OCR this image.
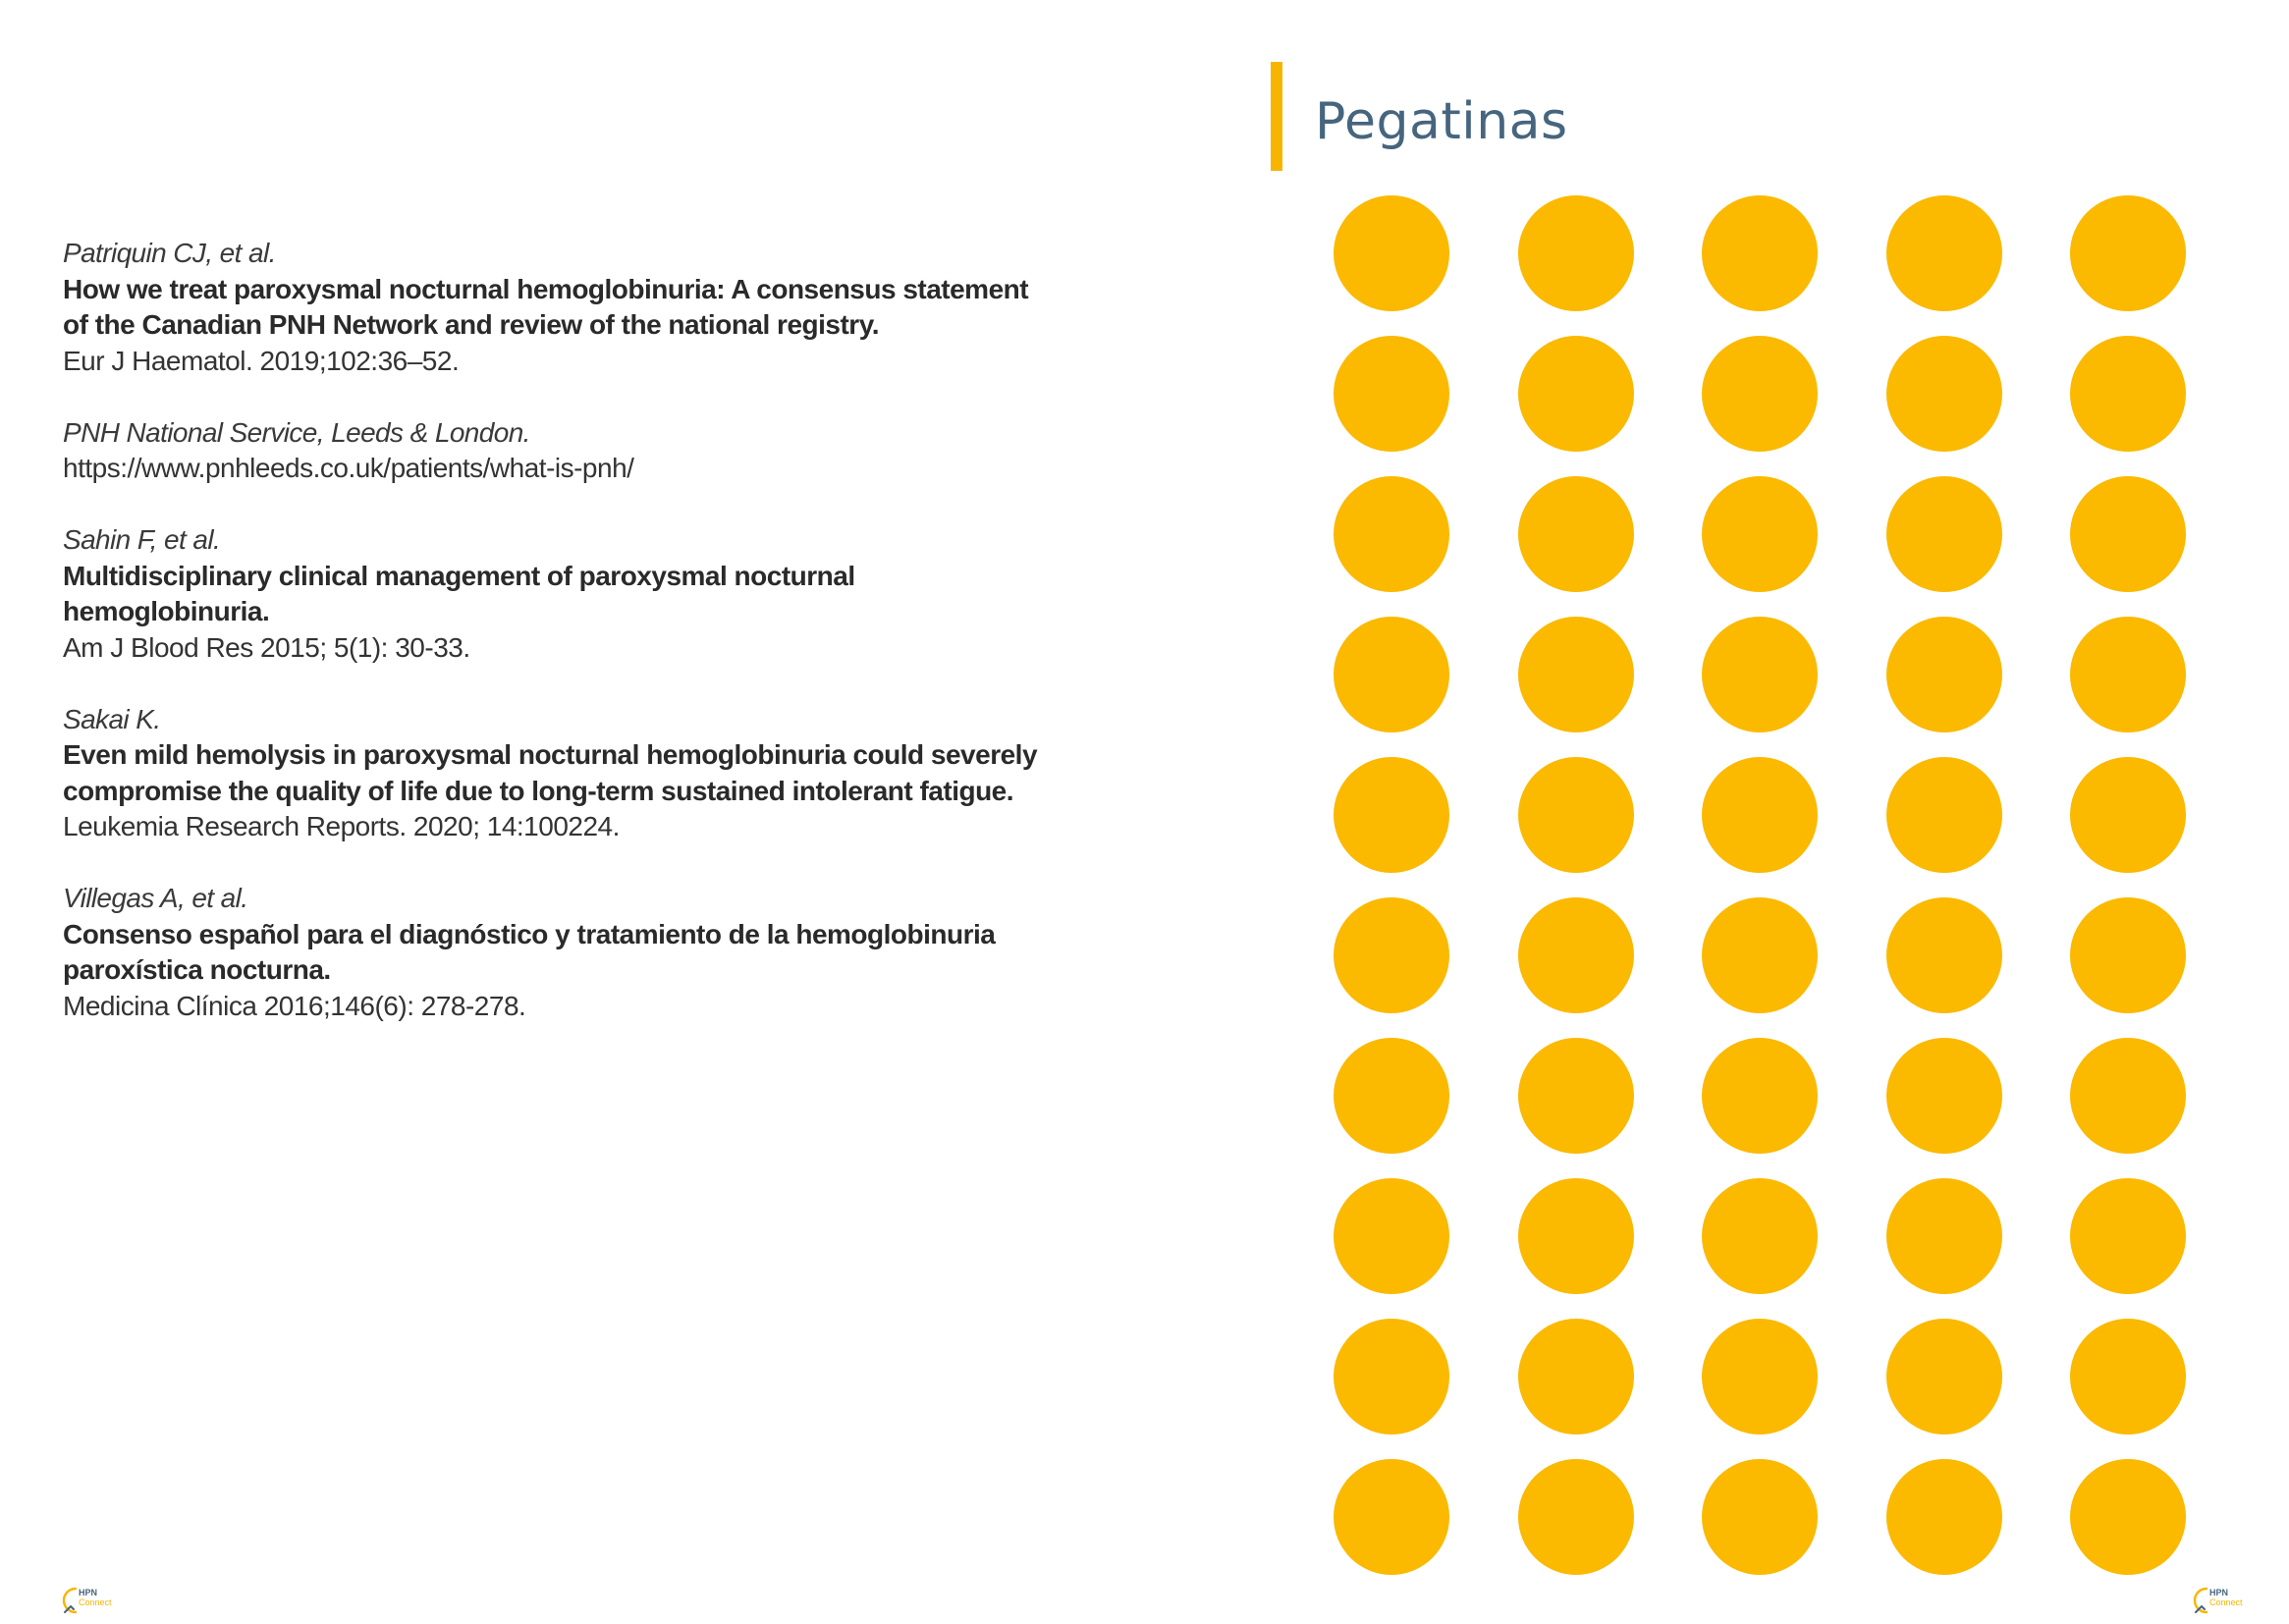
Patriquin CJ, et al.
How we treat paroxysmal nocturnal hemoglobinuria: A consensus statement of the Canadian PNH Network and review of the national registry.
Eur J Haematol. 2019;102:36–52.
PNH National Service, Leeds & London.
https://www.pnhleeds.co.uk/patients/what-is-pnh/
Sahin F, et al.
Multidisciplinary clinical management of paroxysmal nocturnal hemoglobinuria.
Am J Blood Res 2015; 5(1): 30-33.
Sakai K.
Even mild hemolysis in paroxysmal nocturnal hemoglobinuria could severely compromise the quality of life due to long-term sustained intolerant fatigue.
Leukemia Research Reports. 2020; 14:100224.
Villegas A, et al.
Consenso español para el diagnóstico y tratamiento de la hemoglobinuria paroxística nocturna.
Medicina Clínica 2016;146(6): 278-278.
Pegatinas
HPN
Connect
HPN
Connect
